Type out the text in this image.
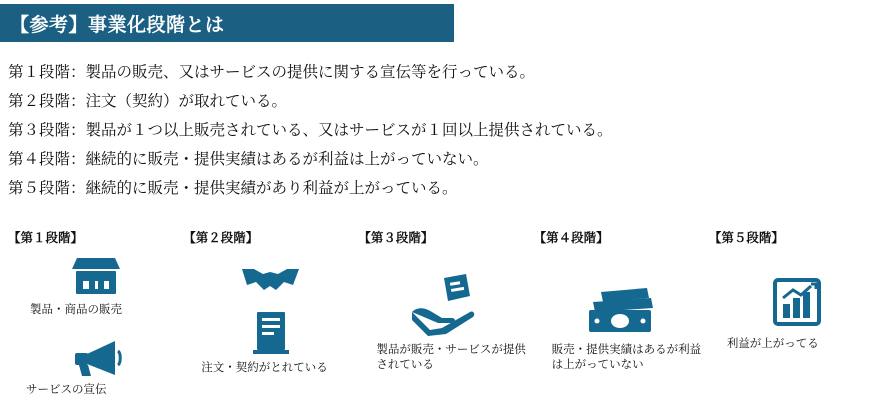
【参考】事業化段階とは
第１段階：製品の販売、又はサービスの提供に関する宣伝等を行っている。
第２段階：注文（契約）が取れている。
第３段階：製品が１つ以上販売されている、又はサービスが１回以上提供されている。
第４段階：継続的に販売・提供実績はあるが利益は上がっていない。
第５段階：継続的に販売・提供実績があり利益が上がっている。
【第１段階】
製品・商品の販売
サービスの宣伝
【第２段階】
注文・契約がとれている
【第３段階】
製品が販売・サービスが提供されている
【第４段階】
販売・提供実績はあるが利益は上がっていない
【第５段階】
利益が上がってる
